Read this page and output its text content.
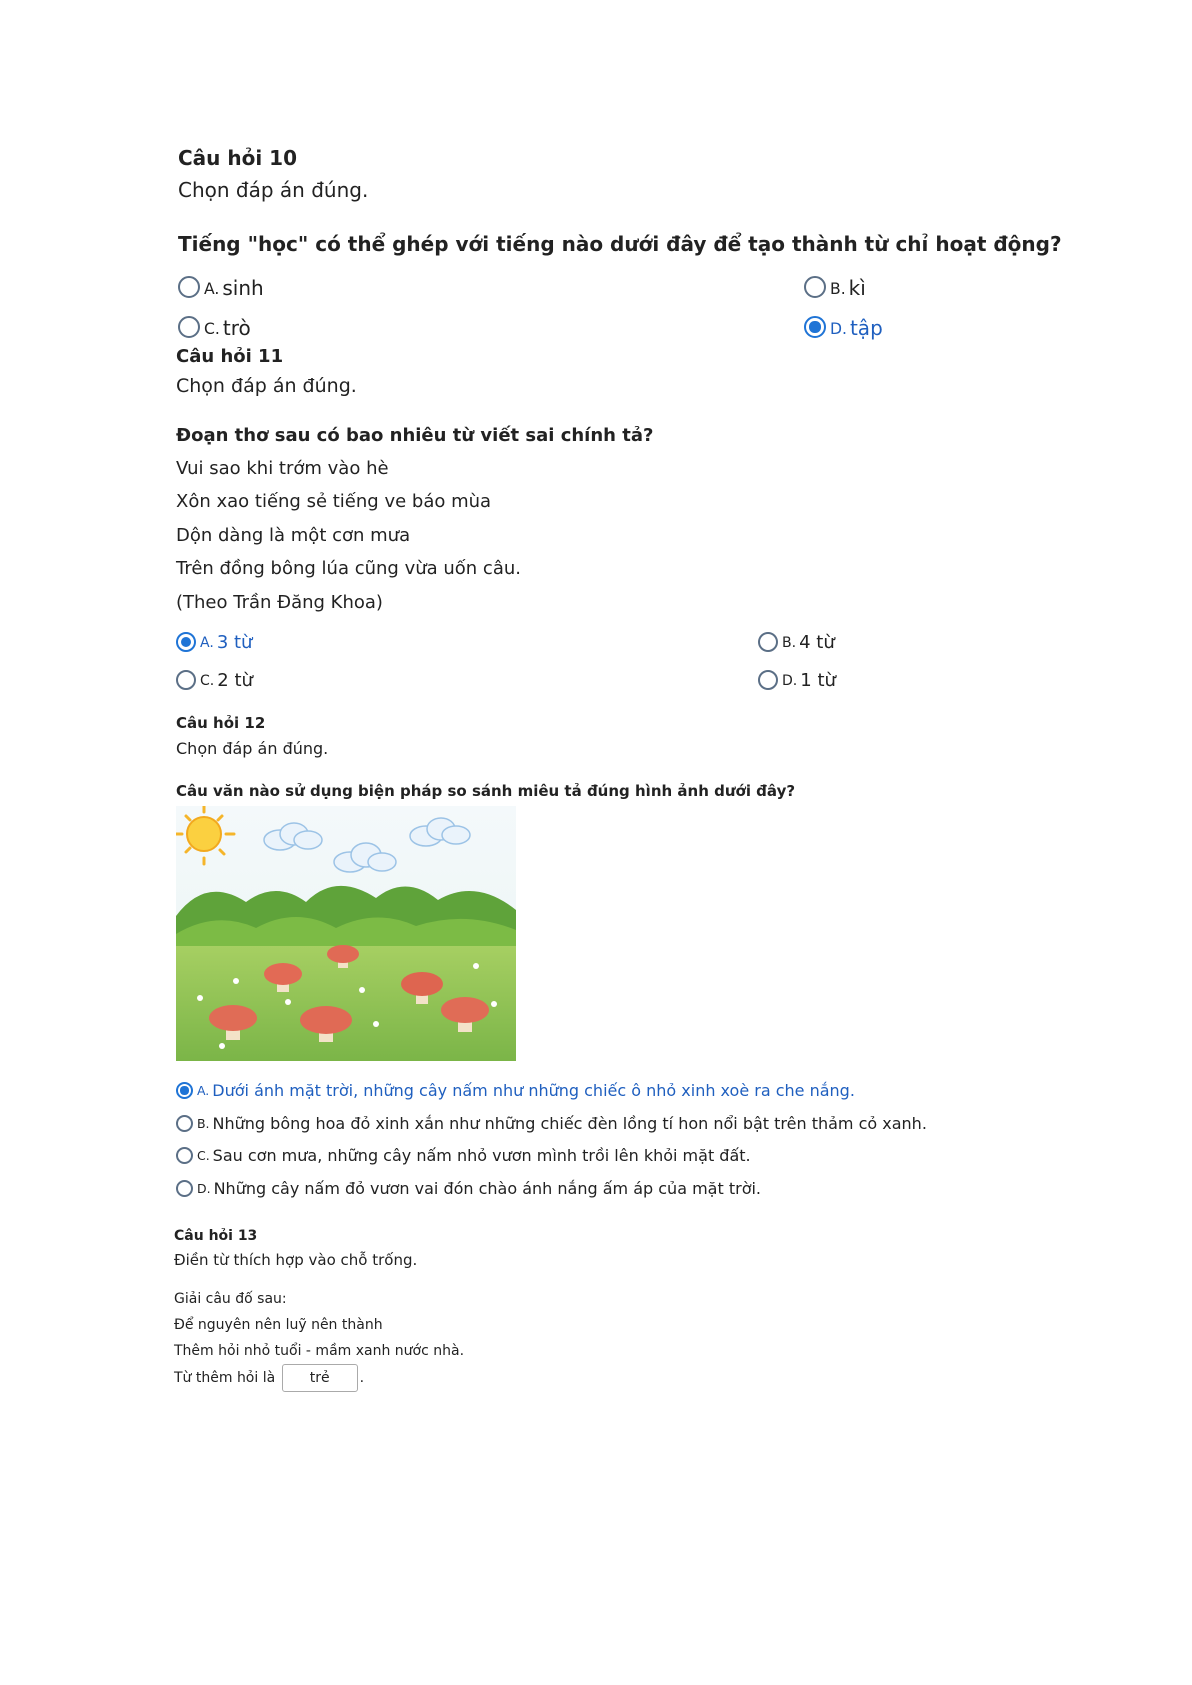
Câu hỏi 10
Chọn đáp án đúng.
Tiếng "học" có thể ghép với tiếng nào dưới đây để tạo thành từ chỉ hoạt động?
A. sinh	B. kì
C. trò	D. tập
Câu hỏi 11
Chọn đáp án đúng.
Đoạn thơ sau có bao nhiêu từ viết sai chính tả?
Vui sao khi trớm vào hè
Xôn xao tiếng sẻ tiếng ve báo mùa
Dộn dàng là một cơn mưa
Trên đồng bông lúa cũng vừa uốn câu.
(Theo Trần Đăng Khoa)
A. 3 từ	B. 4 từ
C. 2 từ	D. 1 từ
Câu hỏi 12
Chọn đáp án đúng.
Câu văn nào sử dụng biện pháp so sánh miêu tả đúng hình ảnh dưới đây?
A. Dưới ánh mặt trời, những cây nấm như những chiếc ô nhỏ xinh xoè ra che nắng.
B. Những bông hoa đỏ xinh xắn như những chiếc đèn lồng tí hon nổi bật trên thảm cỏ xanh.
C. Sau cơn mưa, những cây nấm nhỏ vươn mình trồi lên khỏi mặt đất.
D. Những cây nấm đỏ vươn vai đón chào ánh nắng ấm áp của mặt trời.
Câu hỏi 13
Điền từ thích hợp vào chỗ trống.
Giải câu đố sau:
Để nguyên nên luỹ nên thành
Thêm hỏi nhỏ tuổi - mầm xanh nước nhà.
Từ thêm hỏi là trẻ .
